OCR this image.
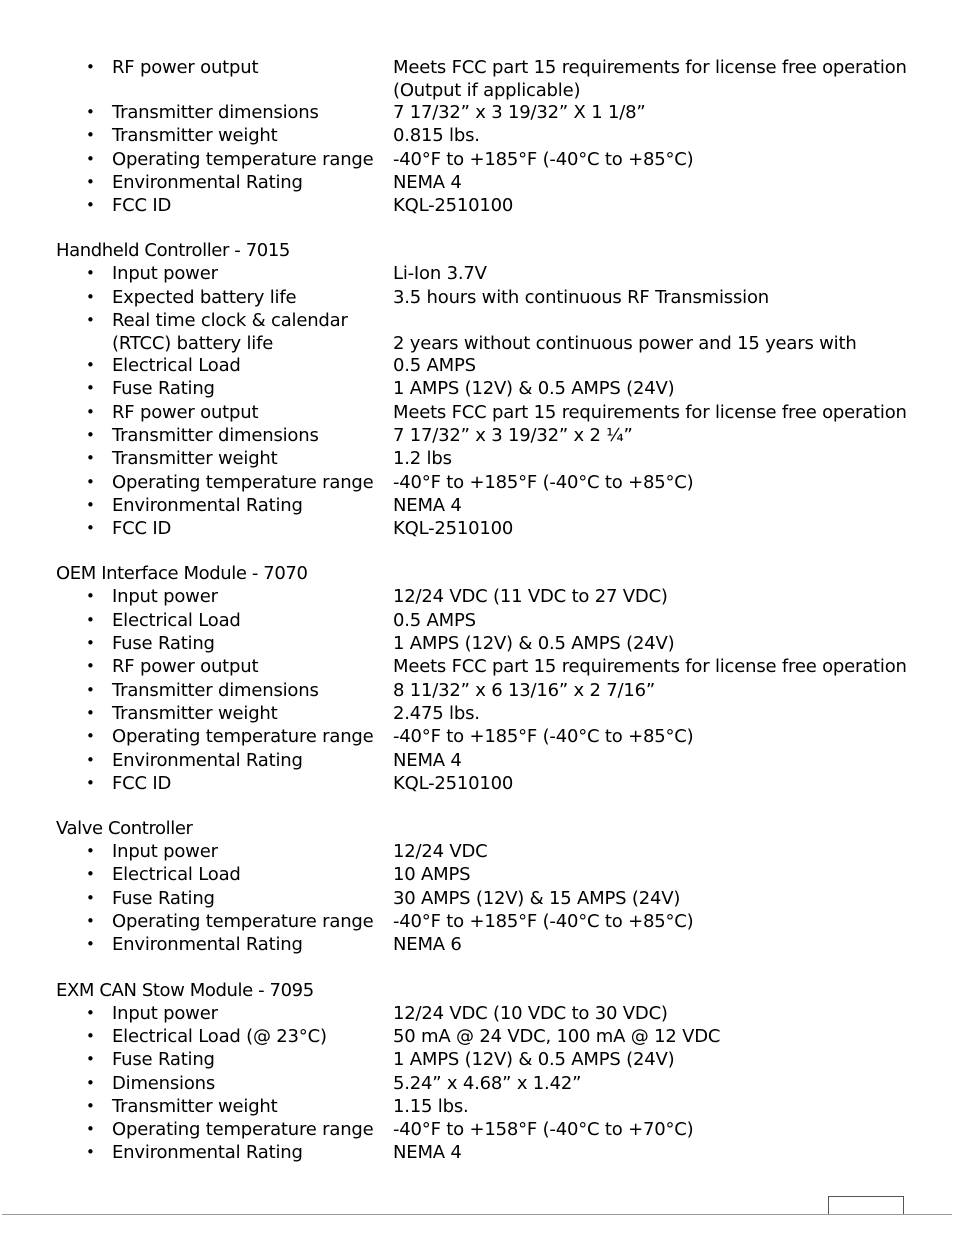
• RF power output	Meets FCC part 15 requirements for license free operation
(Output if applicable)
• Transmitter dimensions	7 17/32” x 3 19/32” X 1 1/8”
• Transmitter weight	0.815 lbs.
• Operating temperature range -40°F to +185°F (-40°C to +85°C)
• Environmental Rating	NEMA 4
• FCC ID	KQL-2510100
Handheld Controller - 7015
• Input power	Li-Ion 3.7V
• Expected battery life	3.5 hours with continuous RF Transmission
• Real time clock & calendar
(RTCC) battery life
	2 years without continuous power and 15 years with
• Electrical Load	0.5 AMPS
• Fuse Rating	1 AMPS (12V) & 0.5 AMPS (24V)
• RF power output	Meets FCC part 15 requirements for license free operation
• Transmitter dimensions	7 17/32” x 3 19/32” x 2 ¼”
• Transmitter weight	1.2 lbs
• Operating temperature range -40°F to +185°F (-40°C to +85°C)
• Environmental Rating	NEMA 4
• FCC ID	KQL-2510100
OEM Interface Module - 7070
• Input power	12/24 VDC (11 VDC to 27 VDC)
• Electrical Load	0.5 AMPS
• Fuse Rating	1 AMPS (12V) & 0.5 AMPS (24V)
• RF power output	Meets FCC part 15 requirements for license free operation
• Transmitter dimensions	8 11/32” x 6 13/16” x 2 7/16”
• Transmitter weight	2.475 lbs.
• Operating temperature range -40°F to +185°F (-40°C to +85°C)
• Environmental Rating	NEMA 4
• FCC ID	KQL-2510100
Valve Controller
• Input power	12/24 VDC
• Electrical Load	10 AMPS
• Fuse Rating	30 AMPS (12V) & 15 AMPS (24V)
• Operating temperature range -40°F to +185°F (-40°C to +85°C)
• Environmental Rating	NEMA 6
EXM CAN Stow Module - 7095
• Input power	12/24 VDC (10 VDC to 30 VDC)
• Electrical Load (@ 23°C)	50 mA @ 24 VDC, 100 mA @ 12 VDC
• Fuse Rating	1 AMPS (12V) & 0.5 AMPS (24V)
• Dimensions	5.24” x 4.68” x 1.42”
• Transmitter weight	1.15 lbs.
• Operating temperature range -40°F to +158°F (-40°C to +70°C)
• Environmental Rating	NEMA 4
